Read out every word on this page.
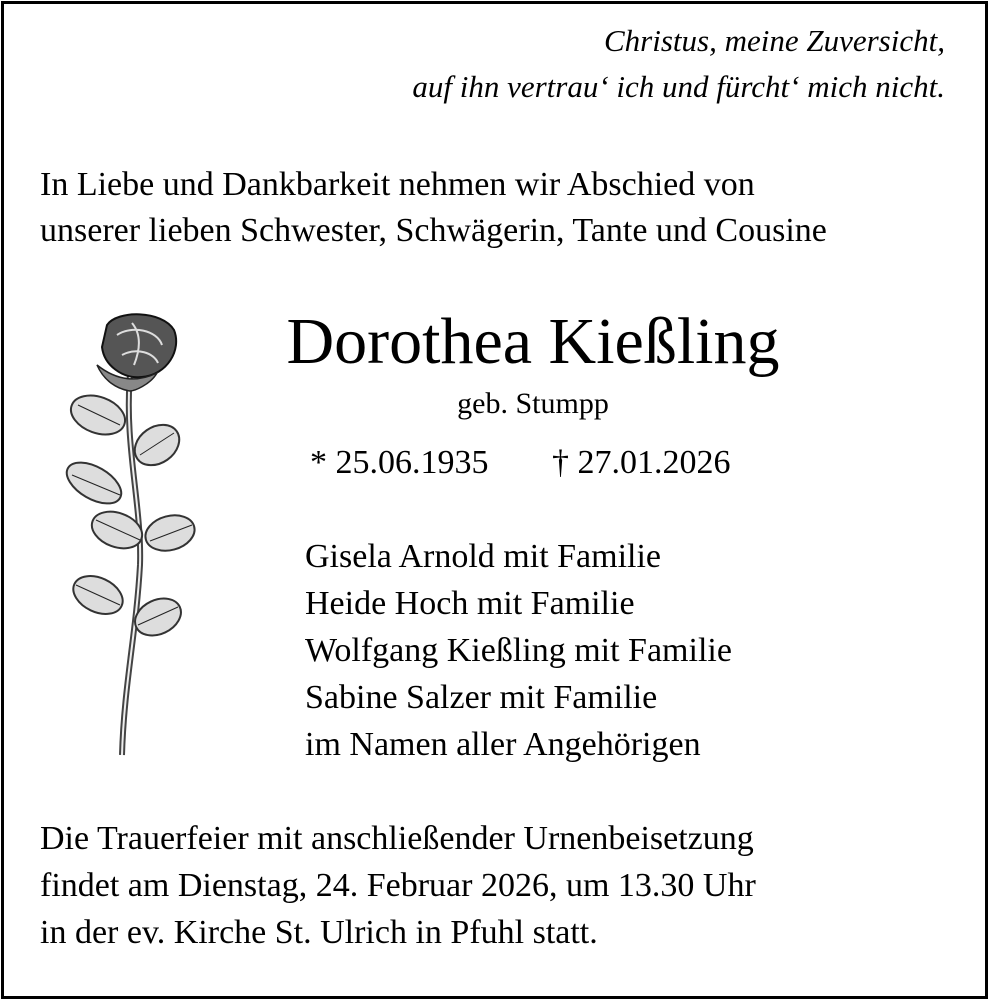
Christus, meine Zuversicht,
auf ihn vertrau‘ ich und fürcht‘ mich nicht.
In Liebe und Dankbarkeit nehmen wir Abschied von
unserer lieben Schwester, Schwägerin, Tante und Cousine
Dorothea Kießling
geb. Stumpp
* 25.06.1935 † 27.01.2026
Gisela Arnold mit Familie
Heide Hoch mit Familie
Wolfgang Kießling mit Familie
Sabine Salzer mit Familie
im Namen aller Angehörigen
Die Trauerfeier mit anschließender Urnenbeisetzung
findet am Dienstag, 24. Februar 2026, um 13.30 Uhr
in der ev. Kirche St. Ulrich in Pfuhl statt.
